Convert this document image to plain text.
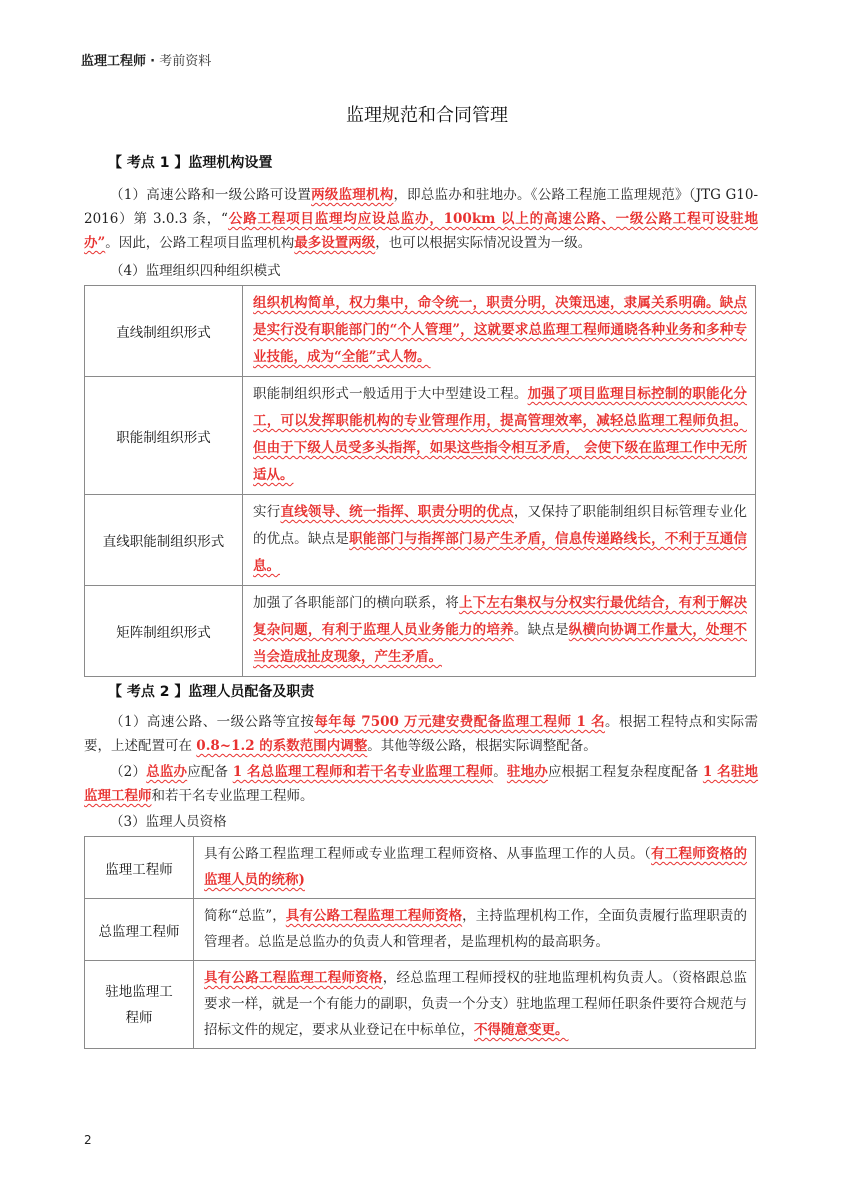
监理工程师 · 考前资料
监理规范和合同管理
【 考点 1 】监理机构设置

（1）高速公路和一级公路可设置两级监理机构，即总监办和驻地办。《公路工程施工监理规范》（JTG G10-2016）第 3.0.3 条，“公路工程项目监理均应设总监办，100km 以上的高速公路、一级公路工程可设驻地办”。因此，公路工程项目监理机构最多设置两级，也可以根据实际情况设置为一级。

（4）监理组织四种组织模式

直线制组织形式	组织机构简单，权力集中，命令统一，职责分明，决策迅速，隶属关系明确。缺点是实行没有职能部门的“个人管理”，这就要求总监理工程师通晓各种业务和多种专业技能，成为“全能”式人物。
职能制组织形式	职能制组织形式一般适用于大中型建设工程。加强了项目监理目标控制的职能化分工，可以发挥职能机构的专业管理作用，提高管理效率，减轻总监理工程师负担。但由于下级人员受多头指挥，如果这些指令相互矛盾， 会使下级在监理工作中无所适从。
直线职能制组织形式	实行直线领导、统一指挥、职责分明的优点，又保持了职能制组织目标管理专业化的优点。缺点是职能部门与指挥部门易产生矛盾，信息传递路线长，不利于互通信息。
矩阵制组织形式	加强了各职能部门的横向联系，将上下左右集权与分权实行最优结合，有利于解决复杂问题，有利于监理人员业务能力的培养。缺点是纵横向协调工作量大，处理不当会造成扯皮现象，产生矛盾。
【 考点 2 】监理人员配备及职责

（1）高速公路、一级公路等宜按每年每 7500 万元建安费配备监理工程师 1 名。根据工程特点和实际需要，上述配置可在 0.8~1.2 的系数范围内调整。其他等级公路，根据实际调整配备。

（2）总监办应配备 1 名总监理工程师和若干名专业监理工程师。驻地办应根据工程复杂程度配备 1 名驻地监理工程师和若干名专业监理工程师。

（3）监理人员资格

监理工程师	具有公路工程监理工程师或专业监理工程师资格、从事监理工作的人员。（有工程师资格的监理人员的统称)
总监理工程师	简称“总监”，具有公路工程监理工程师资格，主持监理机构工作，全面负责履行监理职责的管理者。总监是总监办的负责人和管理者，是监理机构的最高职务。
驻地监理工程师	具有公路工程监理工程师资格，经总监理工程师授权的驻地监理机构负责人。（资格跟总监要求一样，就是一个有能力的副职，负责一个分支）驻地监理工程师任职条件要符合规范与招标文件的规定，要求从业登记在中标单位，不得随意变更。
2
